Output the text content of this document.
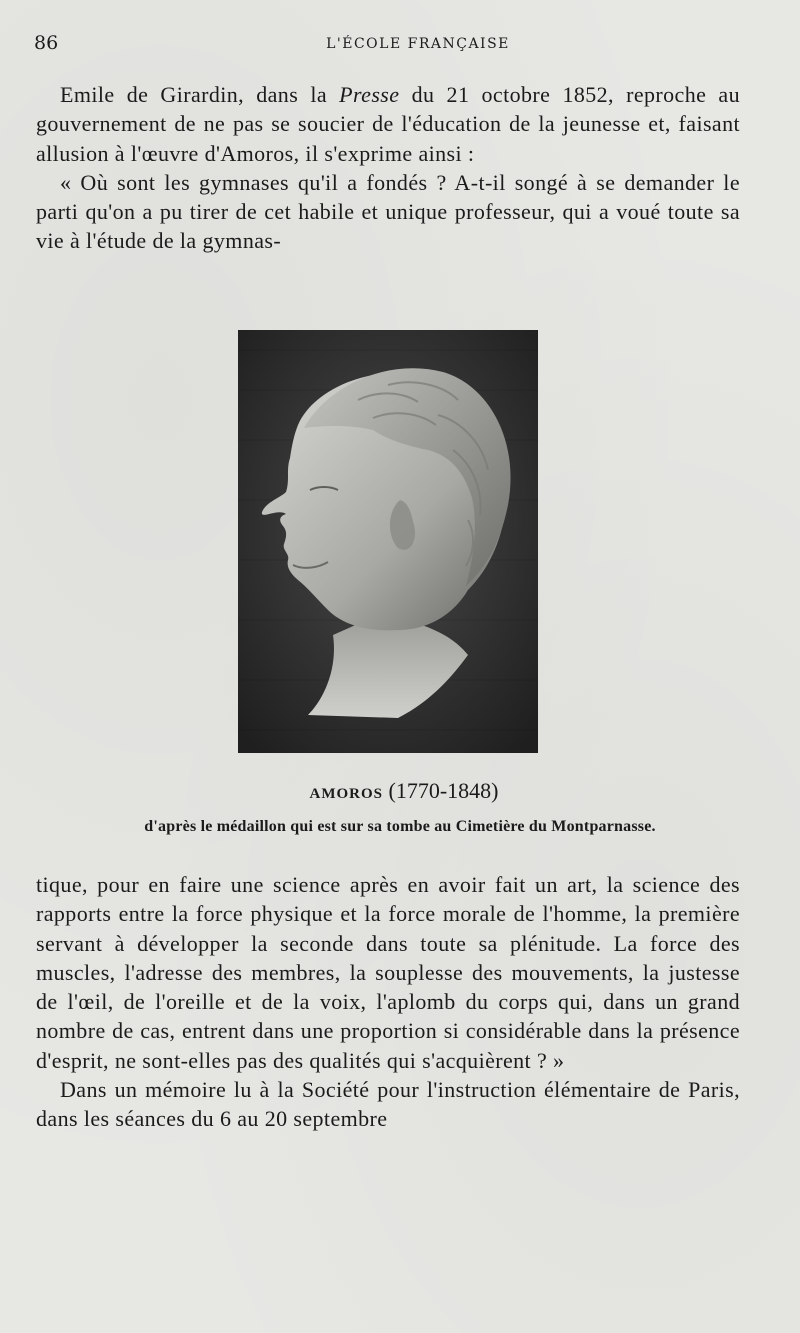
86	L'ÉCOLE FRANÇAISE

Emile de Girardin, dans la Presse du 21 octobre 1852, reproche au gouvernement de ne pas se soucier de l'éducation de la jeunesse et, faisant allusion à l'œuvre d'Amoros, il s'exprime ainsi :

« Où sont les gymnases qu'il a fondés ? A-t-il songé à se demander le parti qu'on a pu tirer de cet habile et unique professeur, qui a voué toute sa vie à l'étude de la gymnas-

AMOROS (1770-1848)
d'après le médaillon qui est sur sa tombe au Cimetière du Montparnasse.

tique, pour en faire une science après en avoir fait un art, la science des rapports entre la force physique et la force morale de l'homme, la première servant à développer la seconde dans toute sa plénitude. La force des muscles, l'adresse des membres, la souplesse des mouvements, la justesse de l'œil, de l'oreille et de la voix, l'aplomb du corps qui, dans un grand nombre de cas, entrent dans une proportion si considérable dans la présence d'esprit, ne sont-elles pas des qualités qui s'acquièrent ? »

Dans un mémoire lu à la Société pour l'instruction élémentaire de Paris, dans les séances du 6 au 20 septembre
